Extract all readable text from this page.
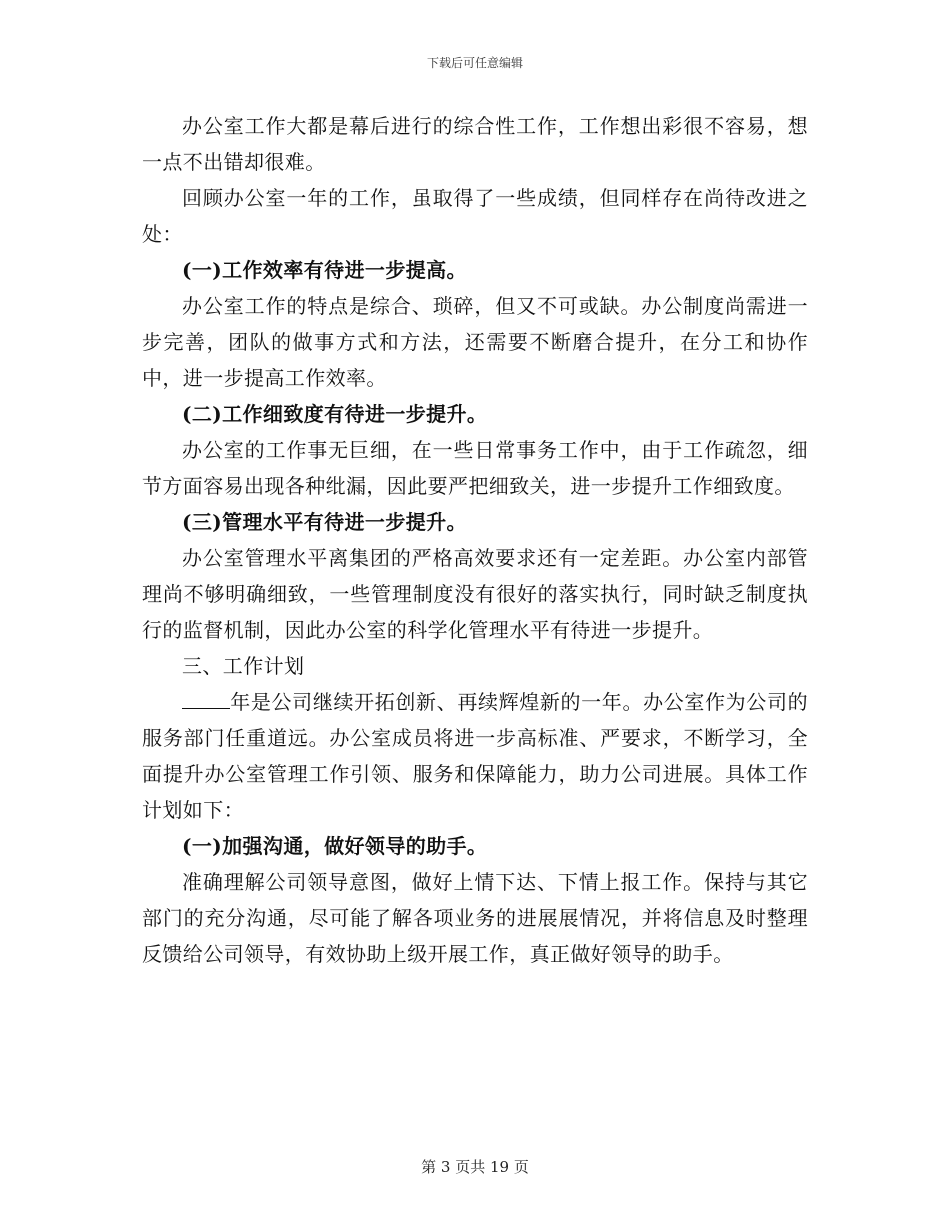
下载后可任意编辑

办公室工作大都是幕后进行的综合性工作，工作想出彩很不容易，想一点不出错却很难。

回顾办公室一年的工作，虽取得了一些成绩，但同样存在尚待改进之处：

(一)工作效率有待进一步提高。

办公室工作的特点是综合、琐碎，但又不可或缺。办公制度尚需进一步完善，团队的做事方式和方法，还需要不断磨合提升，在分工和协作中，进一步提高工作效率。

(二)工作细致度有待进一步提升。

办公室的工作事无巨细，在一些日常事务工作中，由于工作疏忽，细节方面容易出现各种纰漏，因此要严把细致关，进一步提升工作细致度。

(三)管理水平有待进一步提升。

办公室管理水平离集团的严格高效要求还有一定差距。办公室内部管理尚不够明确细致，一些管理制度没有很好的落实执行，同时缺乏制度执行的监督机制，因此办公室的科学化管理水平有待进一步提升。

三、工作计划

年是公司继续开拓创新、再续辉煌新的一年。办公室作为公司的服务部门任重道远。办公室成员将进一步高标准、严要求，不断学习，全面提升办公室管理工作引领、服务和保障能力，助力公司进展。具体工作计划如下：

(一)加强沟通，做好领导的助手。

准确理解公司领导意图，做好上情下达、下情上报工作。保持与其它部门的充分沟通，尽可能了解各项业务的进展展情况，并将信息及时整理反馈给公司领导，有效协助上级开展工作，真正做好领导的助手。

第 3 页共 19 页
